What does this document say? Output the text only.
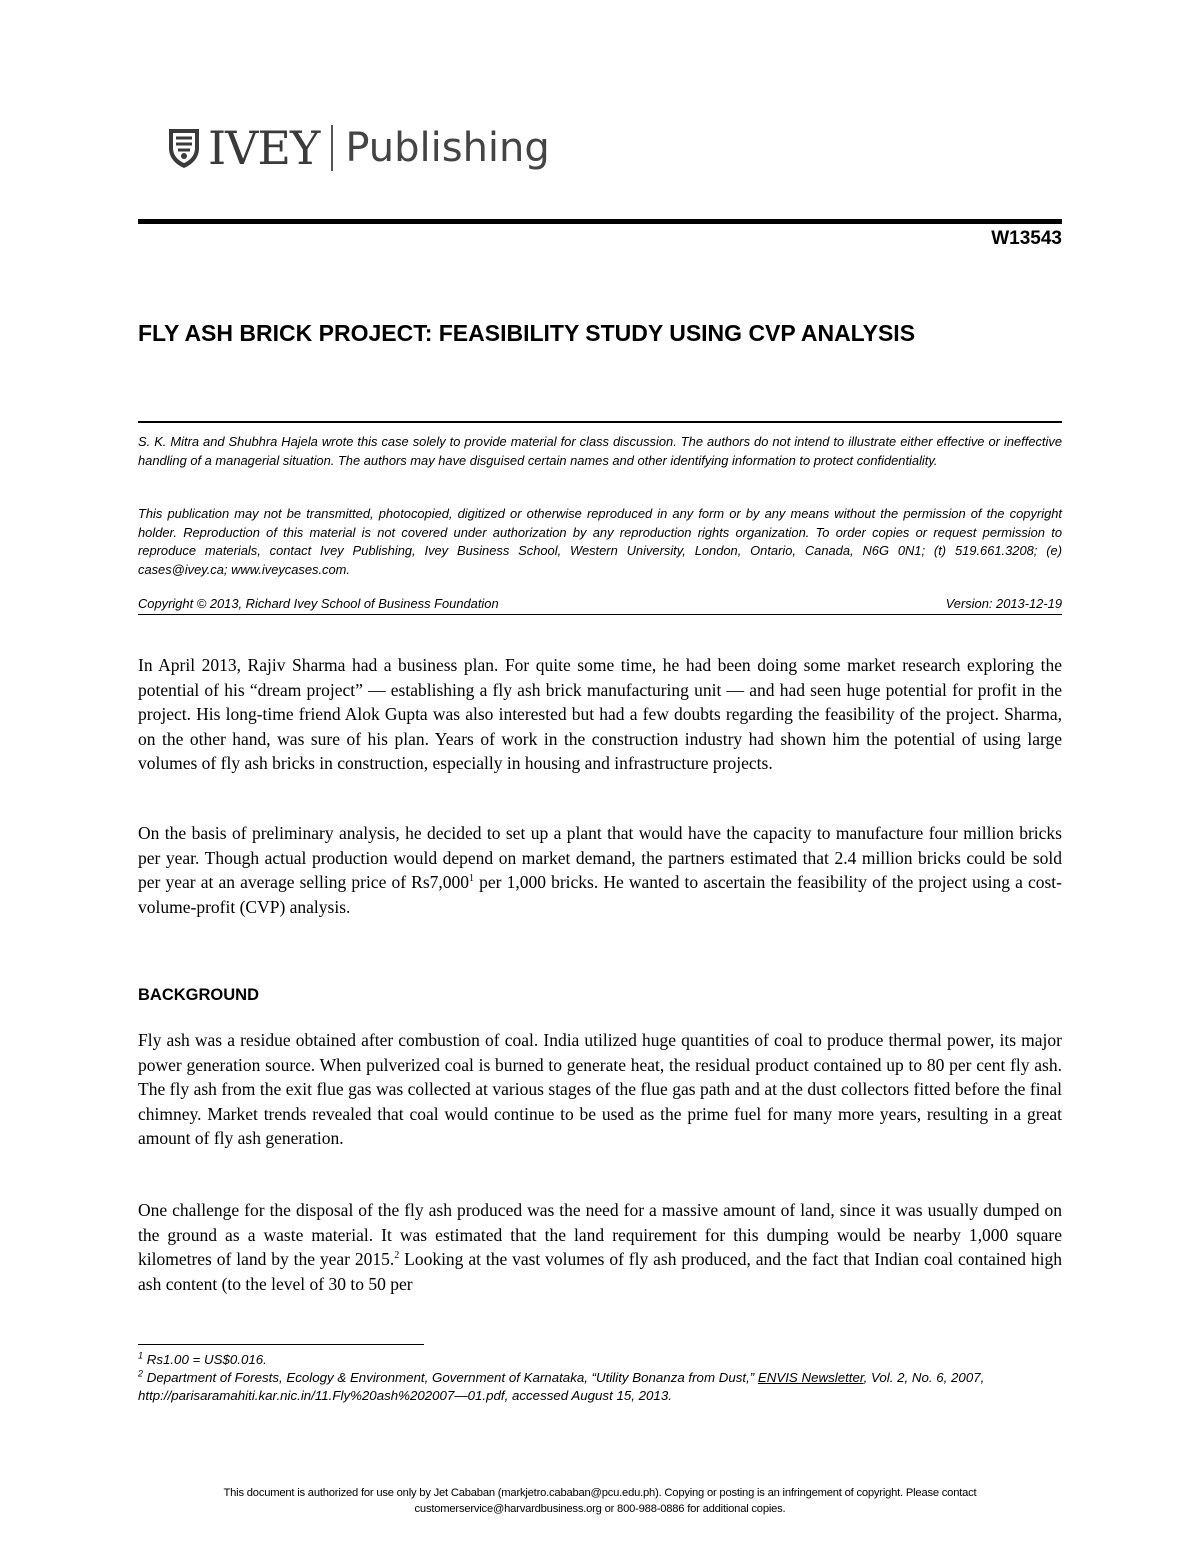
IVEY Publishing
W13543
FLY ASH BRICK PROJECT: FEASIBILITY STUDY USING CVP ANALYSIS

S. K. Mitra and Shubhra Hajela wrote this case solely to provide material for class discussion. The authors do not intend to illustrate either effective or ineffective handling of a managerial situation. The authors may have disguised certain names and other identifying information to protect confidentiality.

This publication may not be transmitted, photocopied, digitized or otherwise reproduced in any form or by any means without the permission of the copyright holder. Reproduction of this material is not covered under authorization by any reproduction rights organization. To order copies or request permission to reproduce materials, contact Ivey Publishing, Ivey Business School, Western University, London, Ontario, Canada, N6G 0N1; (t) 519.661.3208; (e) cases@ivey.ca; www.iveycases.com.

Copyright © 2013, Richard Ivey School of Business Foundation	Version: 2013-12-19

In April 2013, Rajiv Sharma had a business plan. For quite some time, he had been doing some market research exploring the potential of his “dream project” — establishing a fly ash brick manufacturing unit — and had seen huge potential for profit in the project. His long-time friend Alok Gupta was also interested but had a few doubts regarding the feasibility of the project. Sharma, on the other hand, was sure of his plan. Years of work in the construction industry had shown him the potential of using large volumes of fly ash bricks in construction, especially in housing and infrastructure projects.

On the basis of preliminary analysis, he decided to set up a plant that would have the capacity to manufacture four million bricks per year. Though actual production would depend on market demand, the partners estimated that 2.4 million bricks could be sold per year at an average selling price of Rs7,000$^1$ per 1,000 bricks. He wanted to ascertain the feasibility of the project using a cost-volume-profit (CVP) analysis.

BACKGROUND

Fly ash was a residue obtained after combustion of coal. India utilized huge quantities of coal to produce thermal power, its major power generation source. When pulverized coal is burned to generate heat, the residual product contained up to 80 per cent fly ash. The fly ash from the exit flue gas was collected at various stages of the flue gas path and at the dust collectors fitted before the final chimney. Market trends revealed that coal would continue to be used as the prime fuel for many more years, resulting in a great amount of fly ash generation.

One challenge for the disposal of the fly ash produced was the need for a massive amount of land, since it was usually dumped on the ground as a waste material. It was estimated that the land requirement for this dumping would be nearby 1,000 square kilometres of land by the year 2015.$^2$ Looking at the vast volumes of fly ash produced, and the fact that Indian coal contained high ash content (to the level of 30 to 50 per

$^1$ Rs1.00 = US$0.016.
$^2$ Department of Forests, Ecology & Environment, Government of Karnataka, “Utility Bonanza from Dust,” ENVIS Newsletter, Vol. 2, No. 6, 2007, http://parisaramahiti.kar.nic.in/11.Fly%20ash%202007—01.pdf, accessed August 15, 2013.
This document is authorized for use only by Jet Cababan (markjetro.cababan@pcu.edu.ph). Copying or posting is an infringement of copyright. Please contact
customerservice@harvardbusiness.org or 800-988-0886 for additional copies.
